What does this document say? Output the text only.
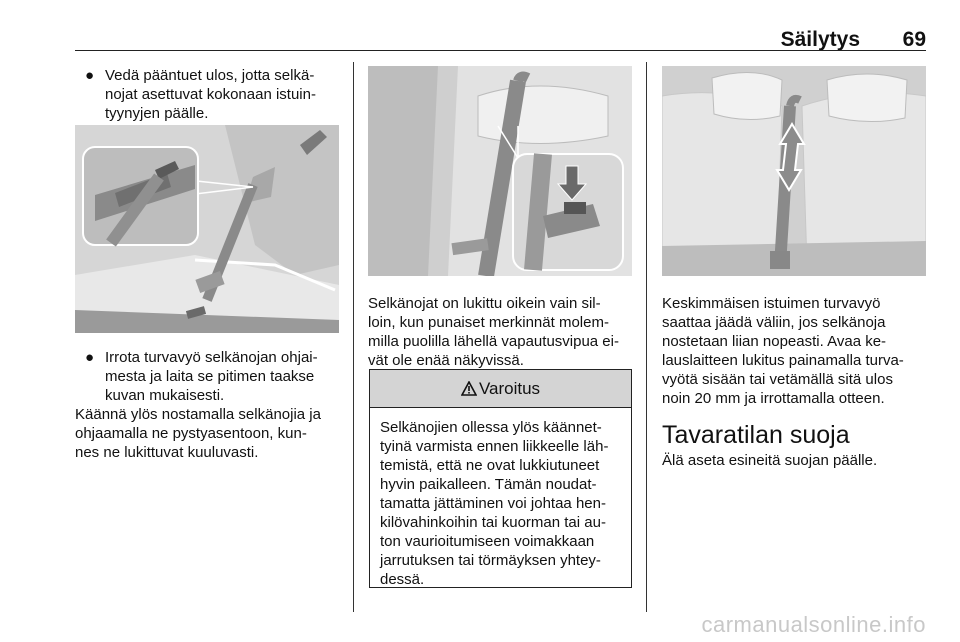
Säilytys 69
● Vedä pääntuet ulos, jotta selkä-
nojat asettuvat kokonaan istuin-
tyynyjen päälle.
● Irrota turvavyö selkänojan ohjai-
mesta ja laita se pitimen taakse
kuvan mukaisesti.
Käännä ylös nostamalla selkänojia ja
ohjaamalla ne pystyasentoon, kun-
nes ne lukittuvat kuuluvasti.
Selkänojat on lukittu oikein vain sil-
loin, kun punaiset merkinnät molem-
milla puolilla lähellä vapautusvipua ei-
vät ole enää näkyvissä.
Varoitus
Selkänojien ollessa ylös käännet-
tyinä varmista ennen liikkeelle läh-
temistä, että ne ovat lukkiutuneet
hyvin paikalleen. Tämän noudat-
tamatta jättäminen voi johtaa hen-
kilövahinkoihin tai kuorman tai au-
ton vaurioitumiseen voimakkaan
jarrutuksen tai törmäyksen yhtey-
dessä.
Keskimmäisen istuimen turvavyö
saattaa jäädä väliin, jos selkänoja
nostetaan liian nopeasti. Avaa ke-
lauslaitteen lukitus painamalla turva-
vyötä sisään tai vetämällä sitä ulos
noin 20 mm ja irrottamalla otteen.
Tavaratilan suoja
Älä aseta esineitä suojan päälle.
carmanualsonline.info
